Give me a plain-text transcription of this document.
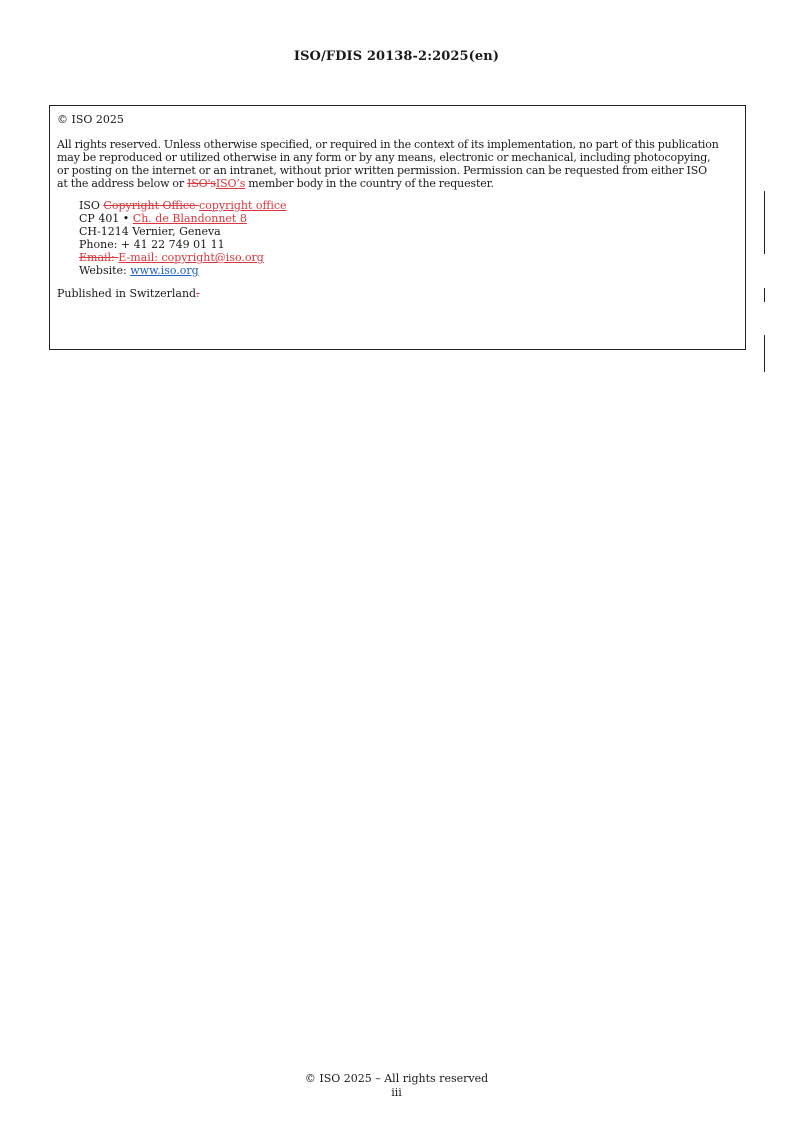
ISO/FDIS 20138-2:2025(en)
© ISO 2025
All rights reserved. Unless otherwise specified, or required in the context of its implementation, no part of this publication
may be reproduced or utilized otherwise in any form or by any means, electronic or mechanical, including photocopying,
or posting on the internet or an intranet, without prior written permission. Permission can be requested from either ISO
at the address below or ISO'sISO’s member body in the country of the requester.
ISO Copyright Office copyright office
CP 401 • Ch. de Blandonnet 8
CH-1214 Vernier, Geneva
Phone: + 41 22 749 01 11
Email: E-mail: copyright@iso.org
Website: www.iso.org
Published in Switzerland.
© ISO 2025 – All rights reserved
iii
